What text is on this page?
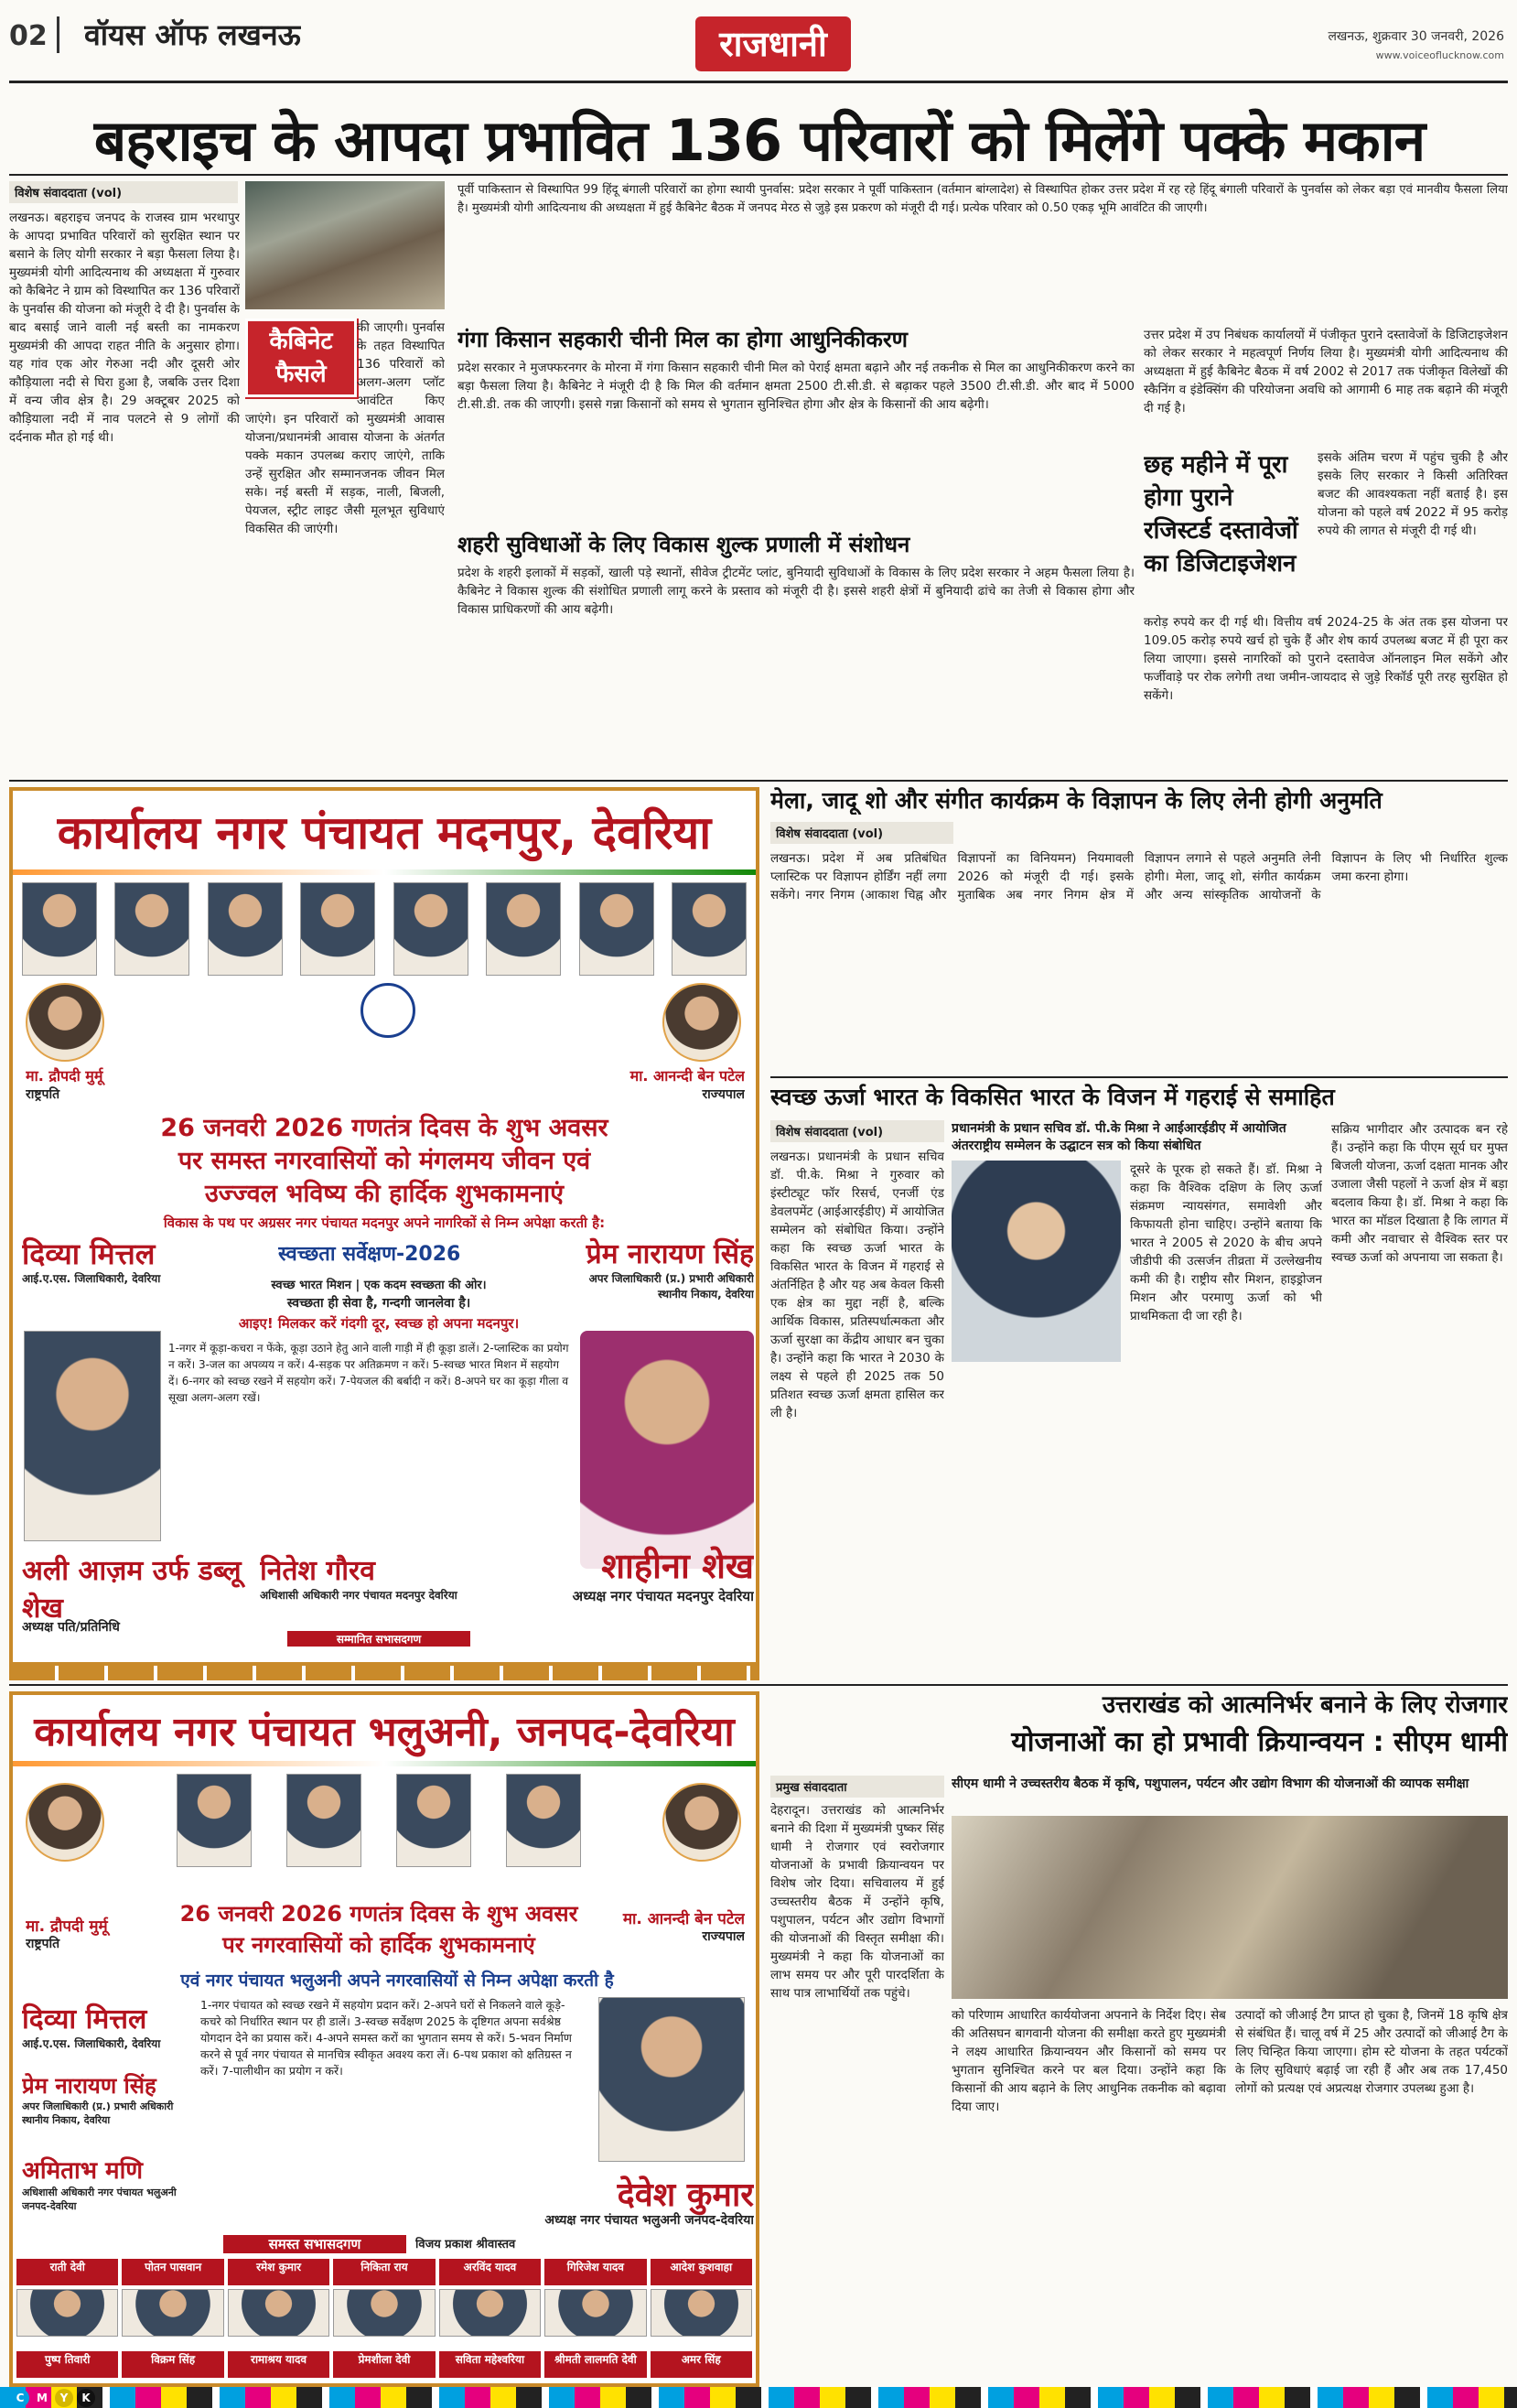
02 वॉयस ऑफ लखनऊ	राजधानी	लखनऊ, शुक्रवार 30 जनवरी, 2026
www.voiceoflucknow.com
बहराइच के आपदा प्रभावित 136 परिवारों को मिलेंगे पक्के मकान
विशेष संवाददाता (vol)
लखनऊ। बहराइच जनपद के राजस्व ग्राम भरथापुर के आपदा प्रभावित परिवारों को सुरक्षित स्थान पर बसाने के लिए योगी सरकार ने बड़ा फैसला लिया है। मुख्यमंत्री योगी आदित्यनाथ की अध्यक्षता में गुरुवार को कैबिनेट ने ग्राम को विस्थापित कर 136 परिवारों के पुनर्वास की योजना को मंजूरी दे दी है। पुनर्वास के बाद बसाई जाने वाली नई बस्ती का नामकरण मुख्यमंत्री की आपदा राहत नीति के अनुसार होगा। यह गांव एक ओर गेरुआ नदी और दूसरी ओर कौड़ियाला नदी से घिरा हुआ है, जबकि उत्तर दिशा में वन्य जीव क्षेत्र है। 29 अक्टूबर 2025 को कौड़ियाला नदी में नाव पलटने से 9 लोगों की दर्दनाक मौत हो गई थी।
कैबिनेट फैसले
की जाएगी। पुनर्वास के तहत विस्थापित 136 परिवारों को अलग-अलग प्लॉट आवंटित किए जाएंगे। इन परिवारों को मुख्यमंत्री आवास योजना/प्रधानमंत्री आवास योजना के अंतर्गत पक्के मकान उपलब्ध कराए जाएंगे, ताकि उन्हें सुरक्षित और सम्मानजनक जीवन मिल सके। नई बस्ती में सड़क, नाली, बिजली, पेयजल, स्ट्रीट लाइट जैसी मूलभूत सुविधाएं विकसित की जाएंगी।
पूर्वी पाकिस्तान से विस्थापित 99 हिंदू बंगाली परिवारों का होगा स्थायी पुनर्वास: प्रदेश सरकार ने पूर्वी पाकिस्तान (वर्तमान बांग्लादेश) से विस्थापित होकर उत्तर प्रदेश में रह रहे हिंदू बंगाली परिवारों के पुनर्वास को लेकर बड़ा एवं मानवीय फैसला लिया है। मुख्यमंत्री योगी आदित्यनाथ की अध्यक्षता में हुई कैबिनेट बैठक में जनपद मेरठ से जुड़े इस प्रकरण को मंजूरी दी गई। प्रत्येक परिवार को 0.50 एकड़ भूमि आवंटित की जाएगी।
गंगा किसान सहकारी चीनी मिल का होगा आधुनिकीकरण
प्रदेश सरकार ने मुजफ्फरनगर के मोरना में गंगा किसान सहकारी चीनी मिल को पेराई क्षमता बढ़ाने और नई तकनीक से मिल का आधुनिकीकरण करने का बड़ा फैसला लिया है। कैबिनेट ने मंजूरी दी है कि मिल की वर्तमान क्षमता 2500 टी.सी.डी. से बढ़ाकर पहले 3500 टी.सी.डी. और बाद में 5000 टी.सी.डी. तक की जाएगी। इससे गन्ना किसानों को समय से भुगतान सुनिश्चित होगा और क्षेत्र के किसानों की आय बढ़ेगी।
शहरी सुविधाओं के लिए विकास शुल्क प्रणाली में संशोधन
प्रदेश के शहरी इलाकों में सड़कों, खाली पड़े स्थानों, सीवेज ट्रीटमेंट प्लांट, बुनियादी सुविधाओं के विकास के लिए प्रदेश सरकार ने अहम फैसला लिया है। कैबिनेट ने विकास शुल्क की संशोधित प्रणाली लागू करने के प्रस्ताव को मंजूरी दी है। इससे शहरी क्षेत्रों में बुनियादी ढांचे का तेजी से विकास होगा और विकास प्राधिकरणों की आय बढ़ेगी।
उत्तर प्रदेश में उप निबंधक कार्यालयों में पंजीकृत पुराने दस्तावेजों के डिजिटाइजेशन को लेकर सरकार ने महत्वपूर्ण निर्णय लिया है। मुख्यमंत्री योगी आदित्यनाथ की अध्यक्षता में हुई कैबिनेट बैठक में वर्ष 2002 से 2017 तक पंजीकृत विलेखों की स्कैनिंग व इंडेक्सिंग की परियोजना अवधि को आगामी 6 माह तक बढ़ाने की मंजूरी दी गई है।
छह महीने में पूरा होगा पुराने रजिस्टर्ड दस्तावेजों का डिजिटाइजेशन
इसके अंतिम चरण में पहुंच चुकी है और इसके लिए सरकार ने किसी अतिरिक्त बजट की आवश्यकता नहीं बताई है। इस योजना को पहले वर्ष 2022 में 95 करोड़ रुपये की लागत से मंजूरी दी गई थी।
करोड़ रुपये कर दी गई थी। वित्तीय वर्ष 2024-25 के अंत तक इस योजना पर 109.05 करोड़ रुपये खर्च हो चुके हैं और शेष कार्य उपलब्ध बजट में ही पूरा कर लिया जाएगा। इससे नागरिकों को पुराने दस्तावेज ऑनलाइन मिल सकेंगे और फर्जीवाड़े पर रोक लगेगी तथा जमीन-जायदाद से जुड़े रिकॉर्ड पूरी तरह सुरक्षित हो सकेंगे।
कार्यालय नगर पंचायत मदनपुर, देवरिया
मा. द्रौपदी मुर्मू
राष्ट्रपति
मा. आनन्दी बेन पटेल
राज्यपाल
26 जनवरी 2026 गणतंत्र दिवस के शुभ अवसर
पर समस्त नगरवासियों को मंगलमय जीवन एवं
उज्ज्वल भविष्य की हार्दिक शुभकामनाएं
विकास के पथ पर अग्रसर नगर पंचायत मदनपुर अपने नागरिकों से निम्न अपेक्षा करती है:
दिव्या मित्तल
आई.ए.एस. जिलाधिकारी, देवरिया
स्वच्छता सर्वेक्षण-2026	प्रेम नारायण सिंह
अपर जिलाधिकारी (प्र.) प्रभारी अधिकारी स्थानीय निकाय, देवरिया
स्वच्छ भारत मिशन | एक कदम स्वच्छता की ओर।
स्वच्छता ही सेवा है, गन्दगी जानलेवा है।
आइए! मिलकर करें गंदगी दूर, स्वच्छ हो अपना मदनपुर।
1-नगर में कूड़ा-कचरा न फेंके, कूड़ा उठाने हेतु आने वाली गाड़ी में ही कूड़ा डालें। 2-प्लास्टिक का प्रयोग न करें। 3-जल का अपव्यय न करें। 4-सड़क पर अतिक्रमण न करें। 5-स्वच्छ भारत मिशन में सहयोग दें। 6-नगर को स्वच्छ रखने में सहयोग करें। 7-पेयजल की बर्बादी न करें। 8-अपने घर का कूड़ा गीला व सूखा अलग-अलग रखें।
अली आज़म उर्फ डब्लू शेख
अध्यक्ष पति/प्रतिनिधि
नितेश गौरव
अधिशासी अधिकारी नगर पंचायत मदनपुर देवरिया
शाहीना शेख
अध्यक्ष नगर पंचायत मदनपुर देवरिया
सम्मानित सभासदगण
मेला, जादू शो और संगीत कार्यक्रम के विज्ञापन के लिए लेनी होगी अनुमति
विशेष संवाददाता (vol)
लखनऊ। प्रदेश में अब प्रतिबंधित प्लास्टिक पर विज्ञापन होर्डिंग नहीं लगा सकेंगे। नगर निगम (आकाश चिह्न और विज्ञापनों का विनियमन) नियमावली 2026 को मंजूरी दी गई। इसके मुताबिक अब नगर निगम क्षेत्र में विज्ञापन लगाने से पहले अनुमति लेनी होगी। मेला, जादू शो, संगीत कार्यक्रम और अन्य सांस्कृतिक आयोजनों के विज्ञापन के लिए भी निर्धारित शुल्क जमा करना होगा।
स्वच्छ ऊर्जा भारत के विकसित भारत के विजन में गहराई से समाहित
विशेष संवाददाता (vol)	प्रधानमंत्री के प्रधान सचिव डॉ. पी.के मिश्रा ने आईआरईडीए में आयोजित अंतरराष्ट्रीय सम्मेलन के उद्घाटन सत्र को किया संबोधित
लखनऊ। प्रधानमंत्री के प्रधान सचिव डॉ. पी.के. मिश्रा ने गुरुवार को इंस्टीट्यूट फॉर रिसर्च, एनर्जी एंड डेवलपमेंट (आईआरईडीए) में आयोजित सम्मेलन को संबोधित किया। उन्होंने कहा कि स्वच्छ ऊर्जा भारत के विकसित भारत के विजन में गहराई से अंतर्निहित है और यह अब केवल किसी एक क्षेत्र का मुद्दा नहीं है, बल्कि आर्थिक विकास, प्रतिस्पर्धात्मकता और ऊर्जा सुरक्षा का केंद्रीय आधार बन चुका है। उन्होंने कहा कि भारत ने 2030 के लक्ष्य से पहले ही 2025 तक 50 प्रतिशत स्वच्छ ऊर्जा क्षमता हासिल कर ली है।
दूसरे के पूरक हो सकते हैं। डॉ. मिश्रा ने कहा कि वैश्विक दक्षिण के लिए ऊर्जा संक्रमण न्यायसंगत, समावेशी और किफायती होना चाहिए। उन्होंने बताया कि भारत ने 2005 से 2020 के बीच अपने जीडीपी की उत्सर्जन तीव्रता में उल्लेखनीय कमी की है। राष्ट्रीय सौर मिशन, हाइड्रोजन मिशन और परमाणु ऊर्जा को भी प्राथमिकता दी जा रही है।
सक्रिय भागीदार और उत्पादक बन रहे हैं। उन्होंने कहा कि पीएम सूर्य घर मुफ्त बिजली योजना, ऊर्जा दक्षता मानक और उजाला जैसी पहलों ने ऊर्जा क्षेत्र में बड़ा बदलाव किया है। डॉ. मिश्रा ने कहा कि भारत का मॉडल दिखाता है कि लागत में कमी और नवाचार से वैश्विक स्तर पर स्वच्छ ऊर्जा को अपनाया जा सकता है।
कार्यालय नगर पंचायत भलुअनी, जनपद-देवरिया
मा. द्रौपदी मुर्मू
राष्ट्रपति
मा. आनन्दी बेन पटेल
राज्यपाल
26 जनवरी 2026 गणतंत्र दिवस के शुभ अवसर
पर नगरवासियों को हार्दिक शुभकामनाएं
एवं नगर पंचायत भलुअनी अपने नगरवासियों से निम्न अपेक्षा करती है
दिव्या मित्तल
आई.ए.एस. जिलाधिकारी, देवरिया
प्रेम नारायण सिंह
अपर जिलाधिकारी (प्र.) प्रभारी अधिकारी स्थानीय निकाय, देवरिया
अमिताभ मणि
अधिशासी अधिकारी नगर पंचायत भलुअनी जनपद-देवरिया
1-नगर पंचायत को स्वच्छ रखने में सहयोग प्रदान करें। 2-अपने घरों से निकलने वाले कूड़े-कचरे को निर्धारित स्थान पर ही डालें। 3-स्वच्छ सर्वेक्षण 2025 के दृष्टिगत अपना सर्वश्रेष्ठ योगदान देने का प्रयास करें। 4-अपने समस्त करों का भुगतान समय से करें। 5-भवन निर्माण करने से पूर्व नगर पंचायत से मानचित्र स्वीकृत अवश्य करा लें। 6-पथ प्रकाश को क्षतिग्रस्त न करें। 7-पालीथीन का प्रयोग न करें।
देवेश कुमार
अध्यक्ष नगर पंचायत भलुअनी जनपद-देवरिया
समस्त सभासदगण	विजय प्रकाश श्रीवास्तव
राती देवी	पोतन पासवान	रमेश कुमार	निकिता राय	अरविंद यादव	गिरिजेश यादव	आदेश कुशवाहा
पुष्प तिवारी	विक्रम सिंह	रामाश्रय यादव	प्रेमशीला देवी	सविता महेश्वरिया	श्रीमती लालमति देवी	अमर सिंह
उत्तराखंड को आत्मनिर्भर बनाने के लिए रोजगार
योजनाओं का हो प्रभावी क्रियान्वयन : सीएम धामी
प्रमुख संवाददाता	सीएम धामी ने उच्चस्तरीय बैठक में कृषि, पशुपालन, पर्यटन और उद्योग विभाग की योजनाओं की व्यापक समीक्षा
देहरादून। उत्तराखंड को आत्मनिर्भर बनाने की दिशा में मुख्यमंत्री पुष्कर सिंह धामी ने रोजगार एवं स्वरोजगार योजनाओं के प्रभावी क्रियान्वयन पर विशेष जोर दिया। सचिवालय में हुई उच्चस्तरीय बैठक में उन्होंने कृषि, पशुपालन, पर्यटन और उद्योग विभागों की योजनाओं की विस्तृत समीक्षा की। मुख्यमंत्री ने कहा कि योजनाओं का लाभ समय पर और पूरी पारदर्शिता के साथ पात्र लाभार्थियों तक पहुंचे।
को परिणाम आधारित कार्ययोजना अपनाने के निर्देश दिए। सेब की अतिसघन बागवानी योजना की समीक्षा करते हुए मुख्यमंत्री ने लक्ष्य आधारित क्रियान्वयन और किसानों को समय पर भुगतान सुनिश्चित करने पर बल दिया। उन्होंने कहा कि किसानों की आय बढ़ाने के लिए आधुनिक तकनीक को बढ़ावा दिया जाए।
उत्पादों को जीआई टैग प्राप्त हो चुका है, जिनमें 18 कृषि क्षेत्र से संबंधित हैं। चालू वर्ष में 25 और उत्पादों को जीआई टैग के लिए चिन्हित किया जाएगा। होम स्टे योजना के तहत पर्यटकों के लिए सुविधाएं बढ़ाई जा रही हैं और अब तक 17,450 लोगों को प्रत्यक्ष एवं अप्रत्यक्ष रोजगार उपलब्ध हुआ है।
C M Y K
